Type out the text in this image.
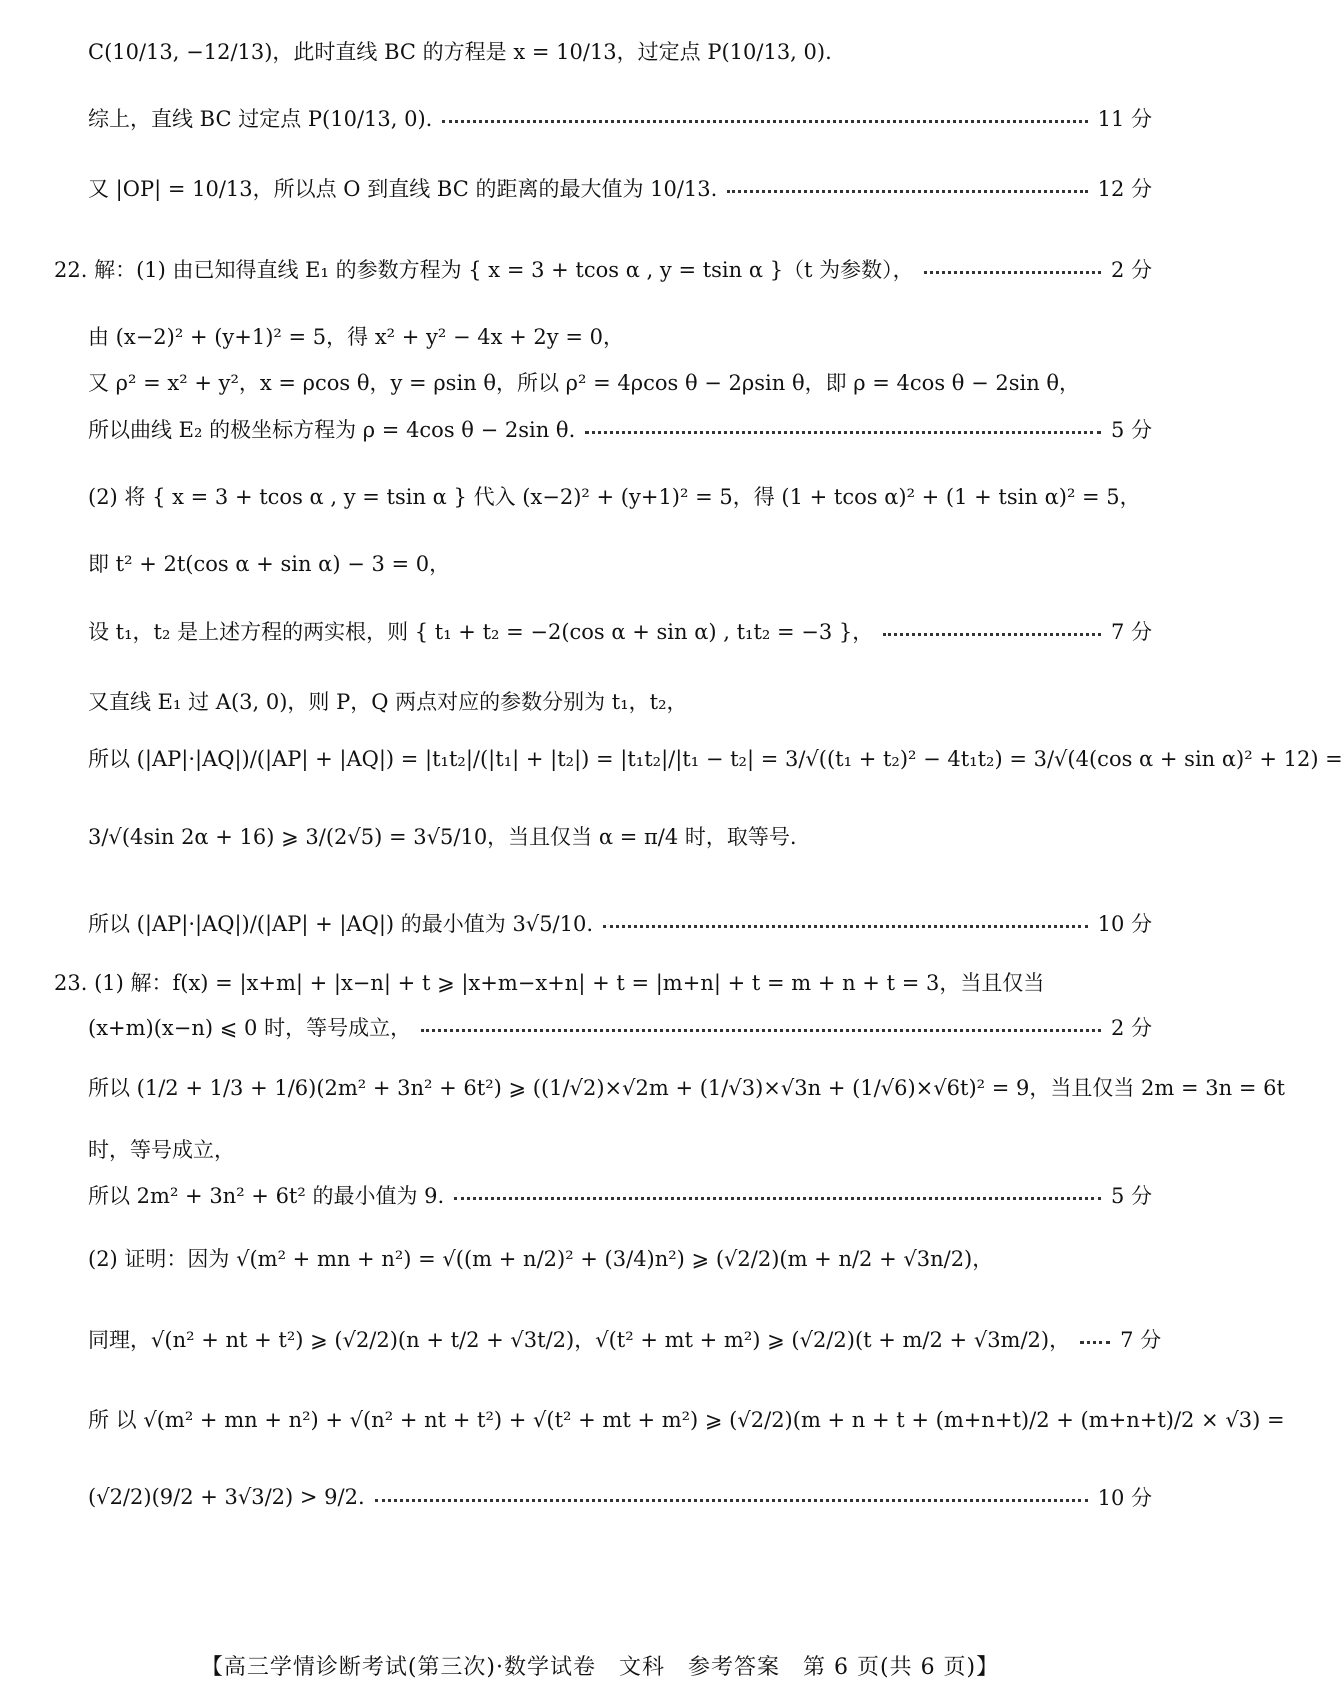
C(10/13, −12/13)，此时直线 BC 的方程是 x = 10/13，过定点 P(10/13, 0).
综上，直线 BC 过定点 P(10/13, 0).	11 分
又 |OP| = 10/13，所以点 O 到直线 BC 的距离的最大值为 10/13.	12 分
22. 解：(1) 由已知得直线 E₁ 的参数方程为 { x = 3 + tcos α , y = tsin α }（t 为参数），	2 分
由 (x−2)² + (y+1)² = 5，得 x² + y² − 4x + 2y = 0，
又 ρ² = x² + y²，x = ρcos θ，y = ρsin θ，所以 ρ² = 4ρcos θ − 2ρsin θ，即 ρ = 4cos θ − 2sin θ，
所以曲线 E₂ 的极坐标方程为 ρ = 4cos θ − 2sin θ.	5 分
(2) 将 { x = 3 + tcos α , y = tsin α } 代入 (x−2)² + (y+1)² = 5，得 (1 + tcos α)² + (1 + tsin α)² = 5，
即 t² + 2t(cos α + sin α) − 3 = 0，
设 t₁，t₂ 是上述方程的两实根，则 { t₁ + t₂ = −2(cos α + sin α) , t₁t₂ = −3 }，	7 分
又直线 E₁ 过 A(3, 0)，则 P，Q 两点对应的参数分别为 t₁，t₂，
所以 (|AP|·|AQ|)/(|AP| + |AQ|) = |t₁t₂|/(|t₁| + |t₂|) = |t₁t₂|/|t₁ − t₂| = 3/√((t₁ + t₂)² − 4t₁t₂) = 3/√(4(cos α + sin α)² + 12) =
3/√(4sin 2α + 16) ⩾ 3/(2√5) = 3√5/10，当且仅当 α = π/4 时，取等号.
所以 (|AP|·|AQ|)/(|AP| + |AQ|) 的最小值为 3√5/10.	10 分
23. (1) 解：f(x) = |x+m| + |x−n| + t ⩾ |x+m−x+n| + t = |m+n| + t = m + n + t = 3，当且仅当
(x+m)(x−n) ⩽ 0 时，等号成立，	2 分
所以 (1/2 + 1/3 + 1/6)(2m² + 3n² + 6t²) ⩾ ((1/√2)×√2m + (1/√3)×√3n + (1/√6)×√6t)² = 9，当且仅当 2m = 3n = 6t
时，等号成立，
所以 2m² + 3n² + 6t² 的最小值为 9.	5 分
(2) 证明：因为 √(m² + mn + n²) = √((m + n/2)² + (3/4)n²) ⩾ (√2/2)(m + n/2 + √3n/2)，
同理，√(n² + nt + t²) ⩾ (√2/2)(n + t/2 + √3t/2)，√(t² + mt + m²) ⩾ (√2/2)(t + m/2 + √3m/2)， 7 分
所 以 √(m² + mn + n²) + √(n² + nt + t²) + √(t² + mt + m²) ⩾ (√2/2)(m + n + t + (m+n+t)/2 + (m+n+t)/2 × √3) =
(√2/2)(9/2 + 3√3/2) > 9/2.	10 分
【高三学情诊断考试(第三次)·数学试卷　文科　参考答案　第 6 页(共 6 页)】
